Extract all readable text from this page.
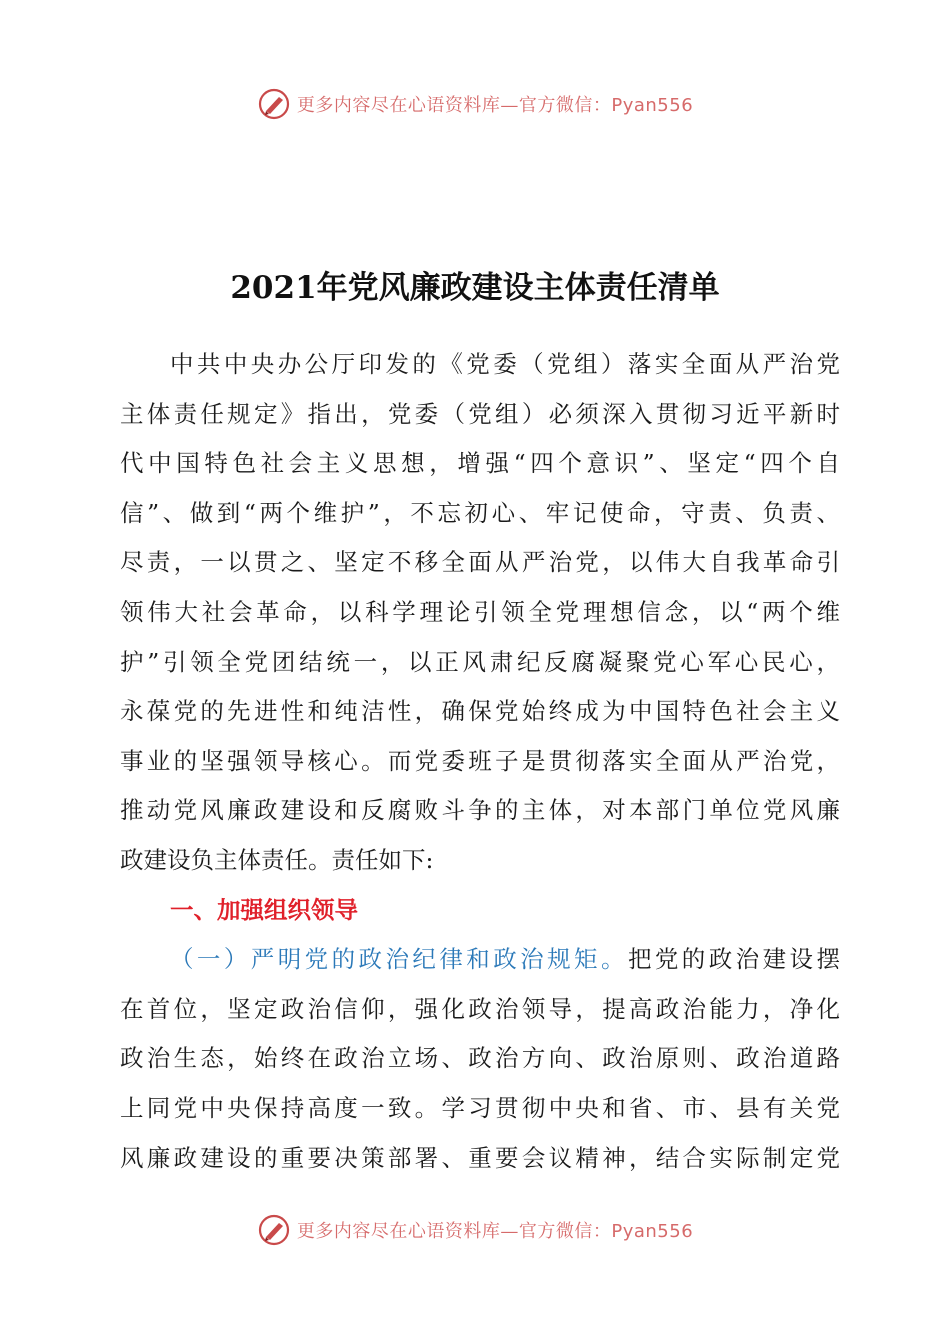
更多内容尽在心语资料库—官方微信：Pyan556
2021年党风廉政建设主体责任清单
中共中央办公厅印发的《党委（党组）落实全面从严治党
主体责任规定》指出，党委（党组）必须深入贯彻习近平新时
代中国特色社会主义思想，增强“四个意识”、坚定“四个自
信”、做到“两个维护”，不忘初心、牢记使命，守责、负责、
尽责，一以贯之、坚定不移全面从严治党，以伟大自我革命引
领伟大社会革命，以科学理论引领全党理想信念，以“两个维
护”引领全党团结统一，以正风肃纪反腐凝聚党心军心民心，
永葆党的先进性和纯洁性，确保党始终成为中国特色社会主义
事业的坚强领导核心。而党委班子是贯彻落实全面从严治党，
推动党风廉政建设和反腐败斗争的主体，对本部门单位党风廉
政建设负主体责任。责任如下:
一、加强组织领导
（一）严明党的政治纪律和政治规矩。把党的政治建设摆
在首位，坚定政治信仰，强化政治领导，提高政治能力，净化
政治生态，始终在政治立场、政治方向、政治原则、政治道路
上同党中央保持高度一致。学习贯彻中央和省、市、县有关党
风廉政建设的重要决策部署、重要会议精神，结合实际制定党
更多内容尽在心语资料库—官方微信：Pyan556
